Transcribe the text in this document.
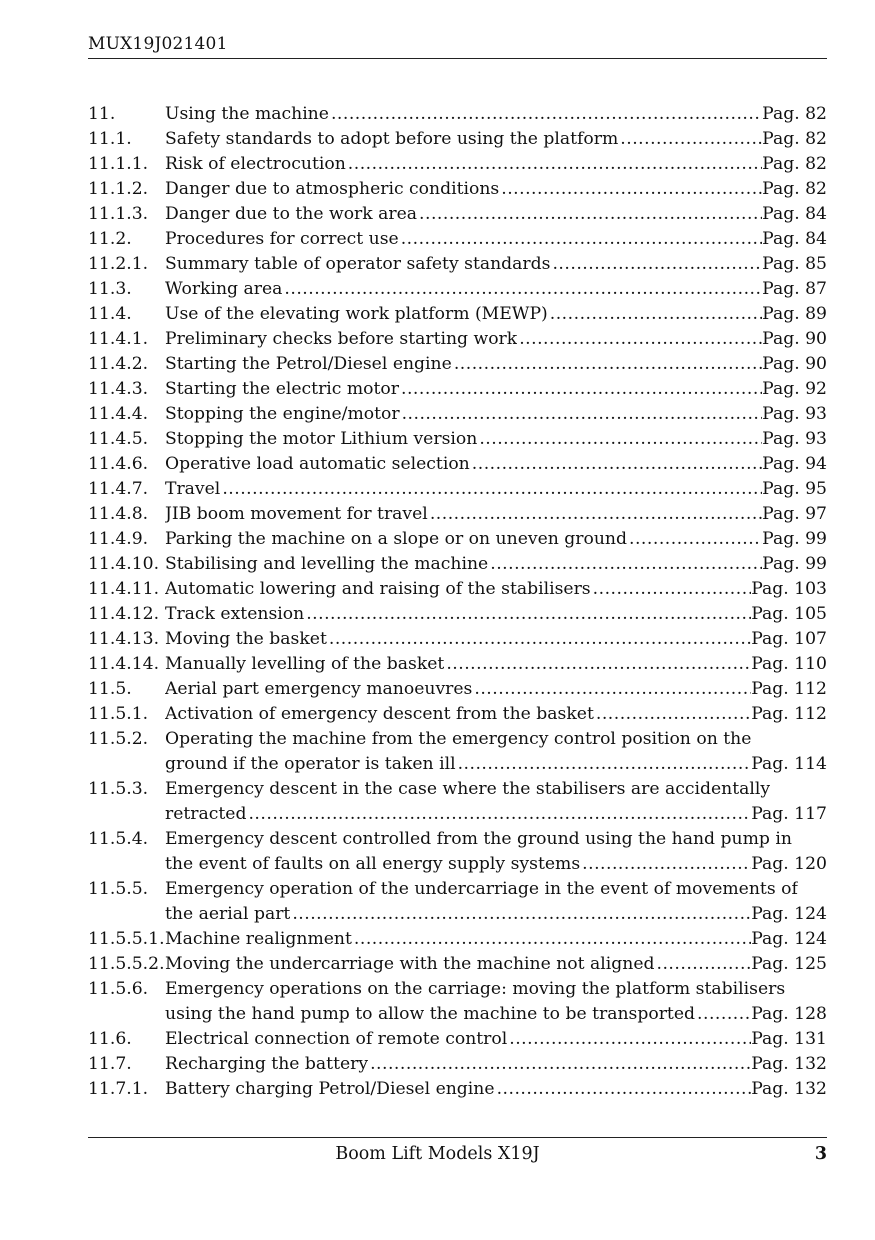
MUX19J021401
11.	Using the machine .....	Pag. 82
11.1.	Safety standards to adopt before using the platform .....	Pag. 82
11.1.1. Risk of electrocution .....	Pag. 82
11.1.2. Danger due to atmospheric conditions .....	Pag. 82
11.1.3. Danger due to the work area .....	Pag. 84
11.2.	Procedures for correct use .....	Pag. 84
11.2.1. Summary table of operator safety standards .....	Pag. 85
11.3.	Working area .....	Pag. 87
11.4.	Use of the elevating work platform (MEWP) .....	Pag. 89
11.4.1. Preliminary checks before starting work .....	Pag. 90
11.4.2. Starting the Petrol/Diesel engine .....	Pag. 90
11.4.3. Starting the electric motor .....	Pag. 92
11.4.4. Stopping the engine/motor .....	Pag. 93
11.4.5. Stopping the motor Lithium version .....	Pag. 93
11.4.6. Operative load automatic selection .....	Pag. 94
11.4.7. Travel .....	Pag. 95
11.4.8. JIB boom movement for travel .....	Pag. 97
11.4.9. Parking the machine on a slope or on uneven ground .....	Pag. 99
11.4.10. Stabilising and levelling the machine .....	Pag. 99
11.4.11. Automatic lowering and raising of the stabilisers .....	Pag. 103
11.4.12. Track extension .....	Pag. 105
11.4.13. Moving the basket .....	Pag. 107
11.4.14. Manually levelling of the basket .....	Pag. 110
11.5.	Aerial part emergency manoeuvres .....	Pag. 112
11.5.1. Activation of emergency descent from the basket .....	Pag. 112
11.5.2. Operating the machine from the emergency control position on the
ground if the operator is taken ill .....	Pag. 114
11.5.3. Emergency descent in the case where the stabilisers are accidentally
retracted .....	Pag. 117
11.5.4. Emergency descent controlled from the ground using the hand pump in
the event of faults on all energy supply systems .....	Pag. 120
11.5.5. Emergency operation of the undercarriage in the event of movements of
the aerial part .....	Pag. 124
11.5.5.1. Machine realignment .....	Pag. 124
11.5.5.2. Moving the undercarriage with the machine not aligned .....	Pag. 125
11.5.6. Emergency operations on the carriage: moving the platform stabilisers
using the hand pump to allow the machine to be transported .....	Pag. 128
11.6.	Electrical connection of remote control .....	Pag. 131
11.7.	Recharging the battery .....	Pag. 132
11.7.1. Battery charging Petrol/Diesel engine .....	Pag. 132
Boom Lift Models X19J	3
